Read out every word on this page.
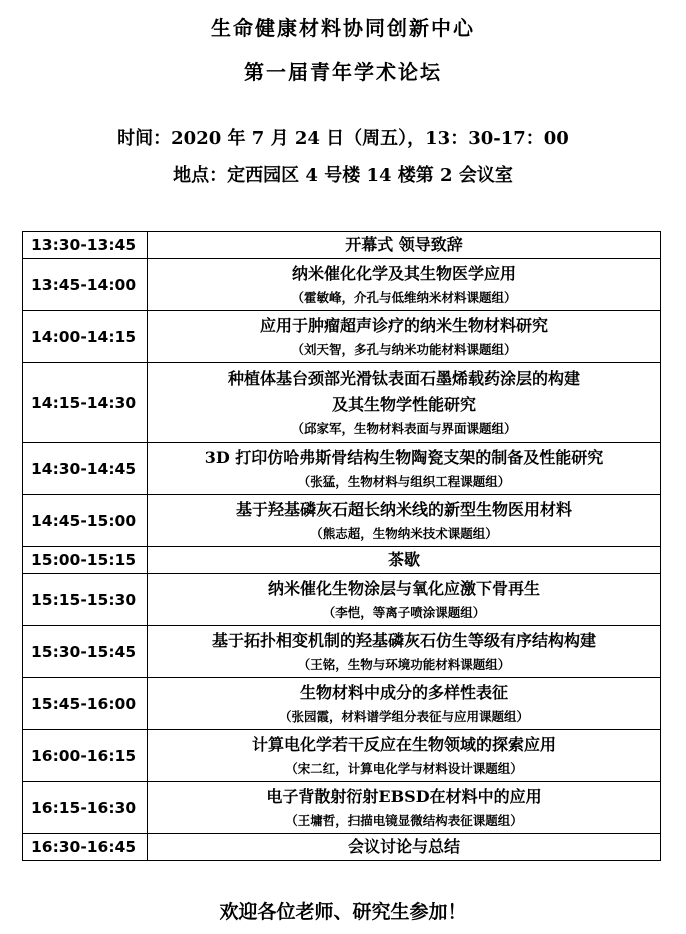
生命健康材料协同创新中心
第一届青年学术论坛
时间：2020 年 7 月 24 日（周五），13：30-17：00
地点：定西园区 4 号楼 14 楼第 2 会议室
13:30-13:45	开幕式 领导致辞

13:45-14:00	纳米催化化学及其生物医学应用
（霍敏峰，介孔与低维纳米材料课题组）

14:00-14:15	应用于肿瘤超声诊疗的纳米生物材料研究
（刘天智，多孔与纳米功能材料课题组）

14:15-14:30	种植体基台颈部光滑钛表面石墨烯载药涂层的构建
及其生物学性能研究
（邱家军，生物材料表面与界面课题组）

14:30-14:45	3D 打印仿哈弗斯骨结构生物陶瓷支架的制备及性能研究
（张猛，生物材料与组织工程课题组）

14:45-15:00	基于羟基磷灰石超长纳米线的新型生物医用材料
（熊志超，生物纳米技术课题组）

15:00-15:15	茶歇

15:15-15:30	纳米催化生物涂层与氧化应激下骨再生
（李恺，等离子喷涂课题组）

15:30-15:45	基于拓扑相变机制的羟基磷灰石仿生等级有序结构构建
（王铭，生物与环境功能材料课题组）

15:45-16:00	生物材料中成分的多样性表征
（张园霞，材料谱学组分表征与应用课题组）

16:00-16:15	计算电化学若干反应在生物领域的探索应用
（宋二红，计算电化学与材料设计课题组）

16:15-16:30	电子背散射衍射EBSD在材料中的应用
（王墉哲，扫描电镜显微结构表征课题组）

16:30-16:45	会议讨论与总结
欢迎各位老师、研究生参加！
